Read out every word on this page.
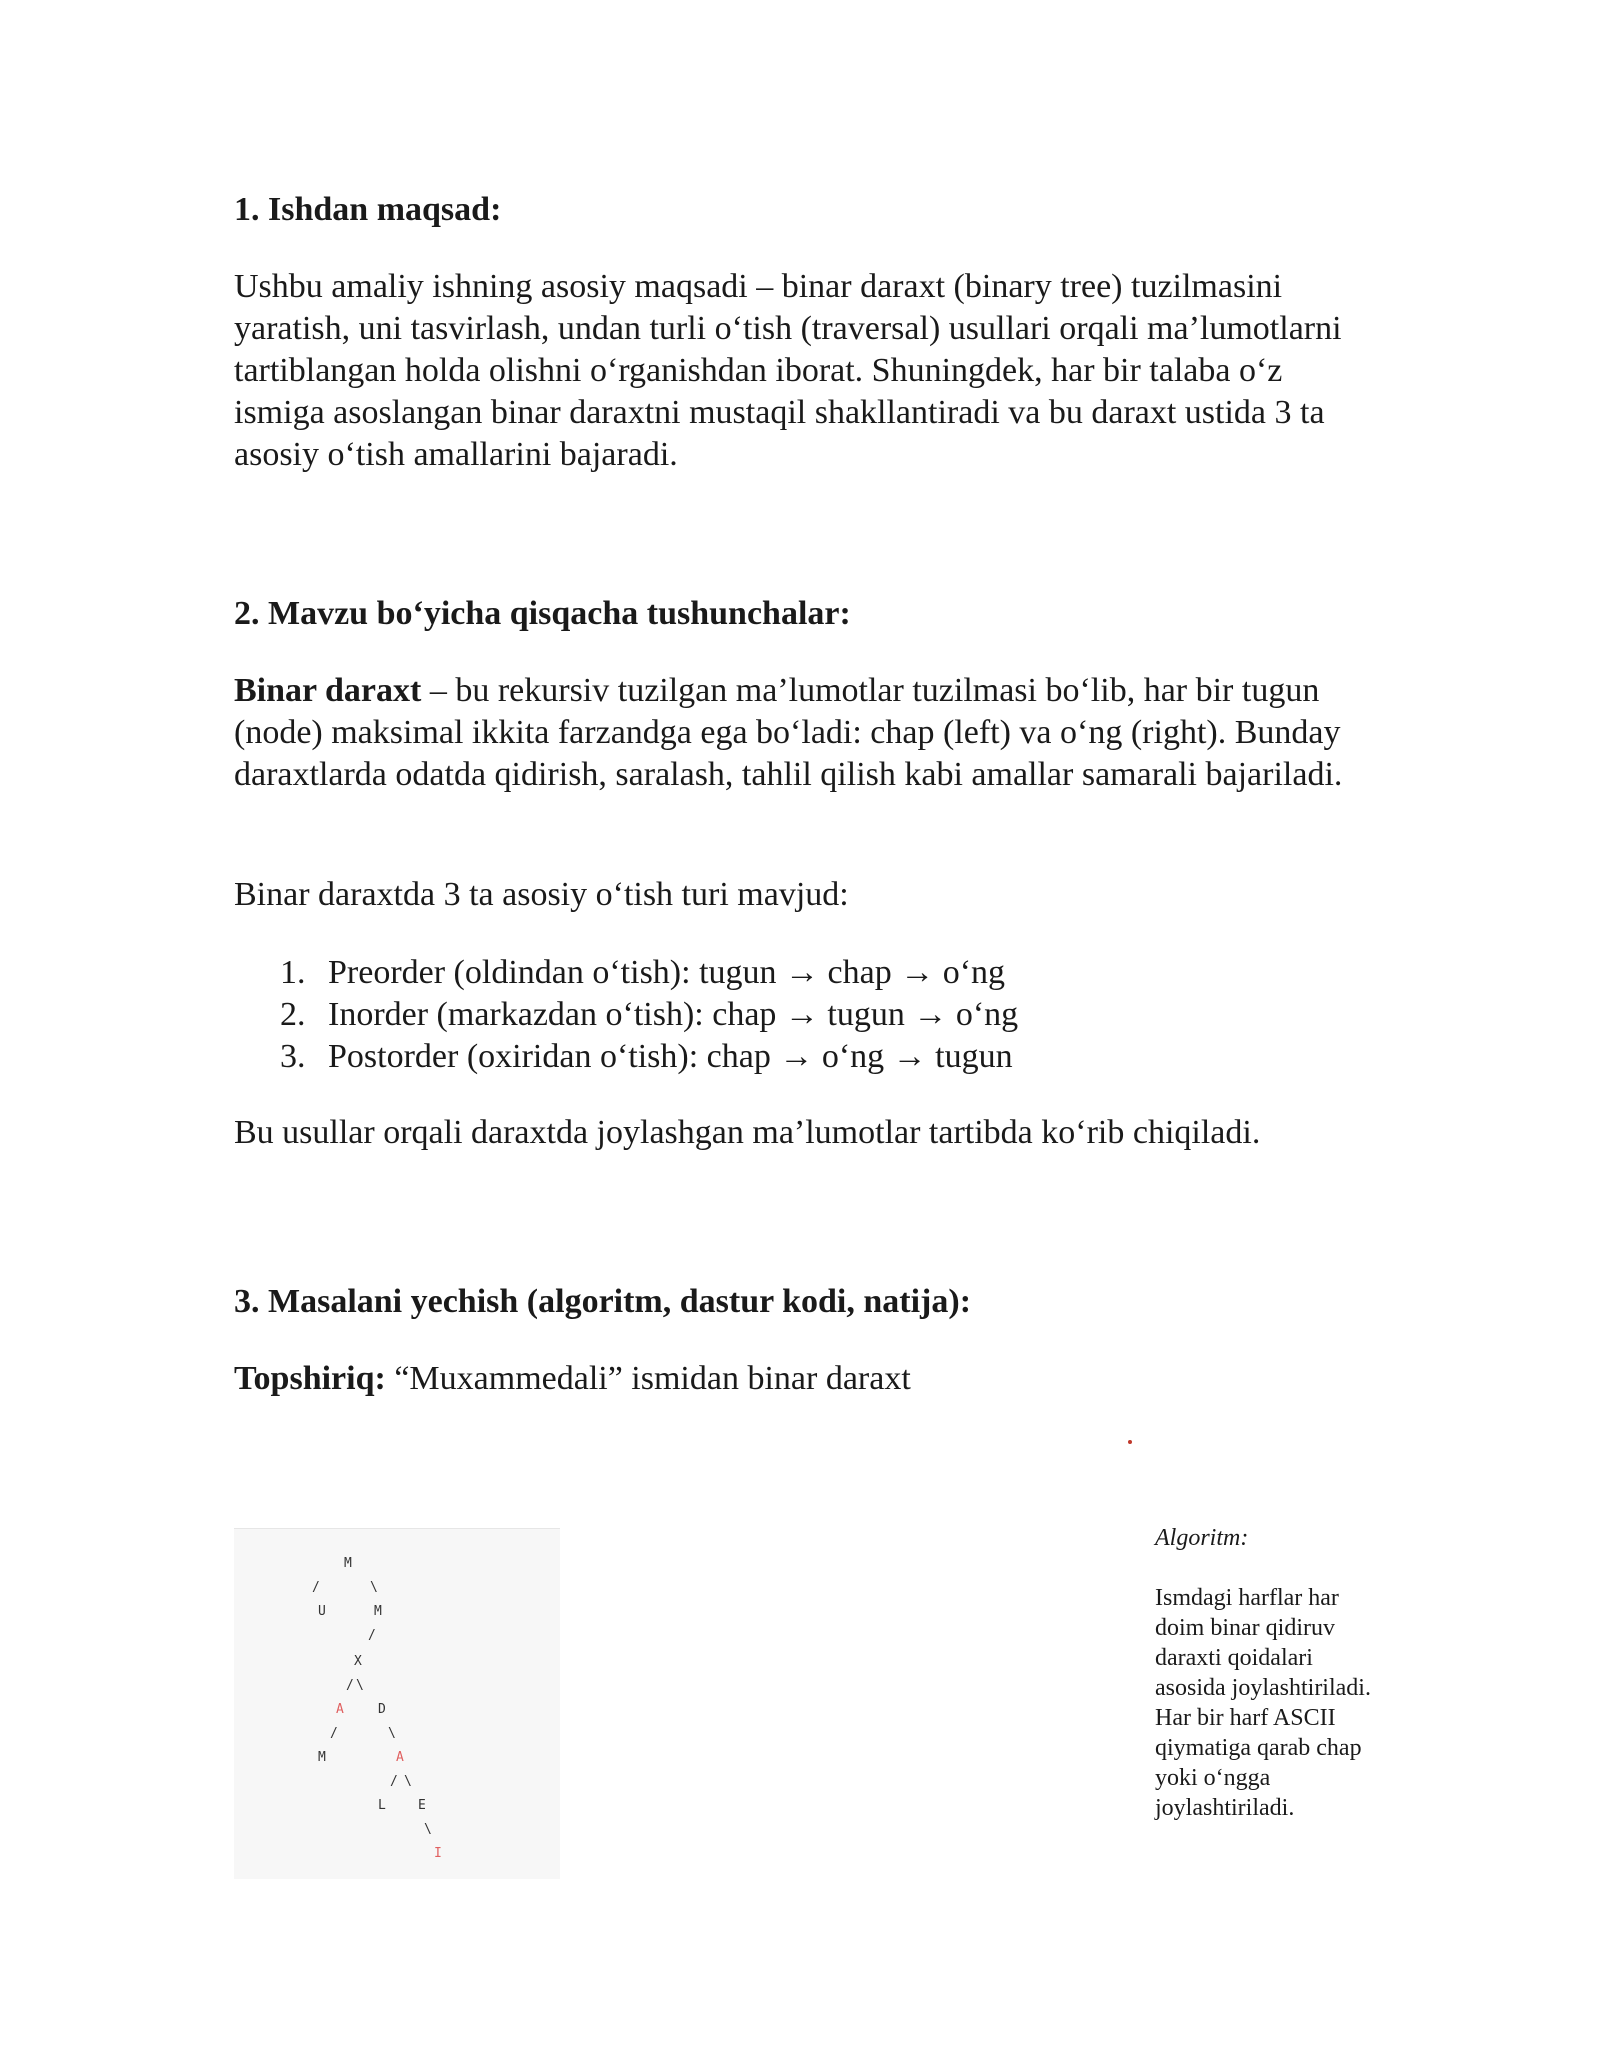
1. Ishdan maqsad:

Ushbu amaliy ishning asosiy maqsadi – binar daraxt (binary tree) tuzilmasini yaratish, uni tasvirlash, undan turli o‘tish (traversal) usullari orqali ma’lumotlarni tartiblangan holda olishni o‘rganishdan iborat. Shuningdek, har bir talaba o‘z ismiga asoslangan binar daraxtni mustaqil shakllantiradi va bu daraxt ustida 3 ta asosiy o‘tish amallarini bajaradi.

2. Mavzu bo‘yicha qisqacha tushunchalar:

Binar daraxt – bu rekursiv tuzilgan ma’lumotlar tuzilmasi bo‘lib, har bir tugun (node) maksimal ikkita farzandga ega bo‘ladi: chap (left) va o‘ng (right). Bunday daraxtlarda odatda qidirish, saralash, tahlil qilish kabi amallar samarali bajariladi.

Binar daraxtda 3 ta asosiy o‘tish turi mavjud:

1. Preorder (oldindan o‘tish): tugun → chap → o‘ng
2. Inorder (markazdan o‘tish): chap → tugun → o‘ng
3. Postorder (oxiridan o‘tish): chap → o‘ng → tugun

Bu usullar orqali daraxtda joylashgan ma’lumotlar tartibda ko‘rib chiqiladi.

3. Masalani yechish (algoritm, dastur kodi, natija):

Topshiriq: “Muxammedali” ismidan binar daraxt

M
/	\
U	M
/
X
/ \
A	D
/	\
M	A
/ \
L E
\
I
Algoritm:
Ismdagi harflar har doim binar qidiruv daraxti qoidalari asosida joylashtiriladi. Har bir harf ASCII qiymatiga qarab chap yoki o‘ngga joylashtiriladi.
